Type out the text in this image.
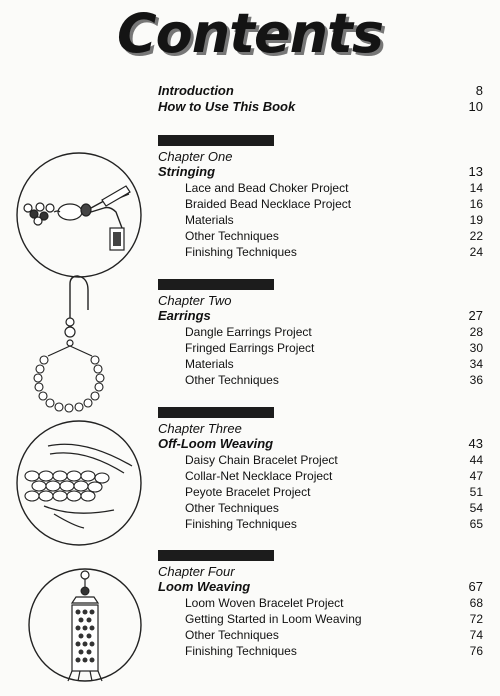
Contents
Introduction	8
How to Use This Book	10
Chapter One
Stringing	13
Lace and Bead Choker Project	14
Braided Bead Necklace Project	16
Materials	19
Other Techniques	22
Finishing Techniques	24
Chapter Two
Earrings	27
Dangle Earrings Project	28
Fringed Earrings Project	30
Materials	34
Other Techniques	36
Chapter Three
Off-Loom Weaving	43
Daisy Chain Bracelet Project	44
Collar-Net Necklace Project	47
Peyote Bracelet Project	51
Other Techniques	54
Finishing Techniques	65
Chapter Four
Loom Weaving	67
Loom Woven Bracelet Project	68
Getting Started in Loom Weaving	72
Other Techniques	74
Finishing Techniques	76
